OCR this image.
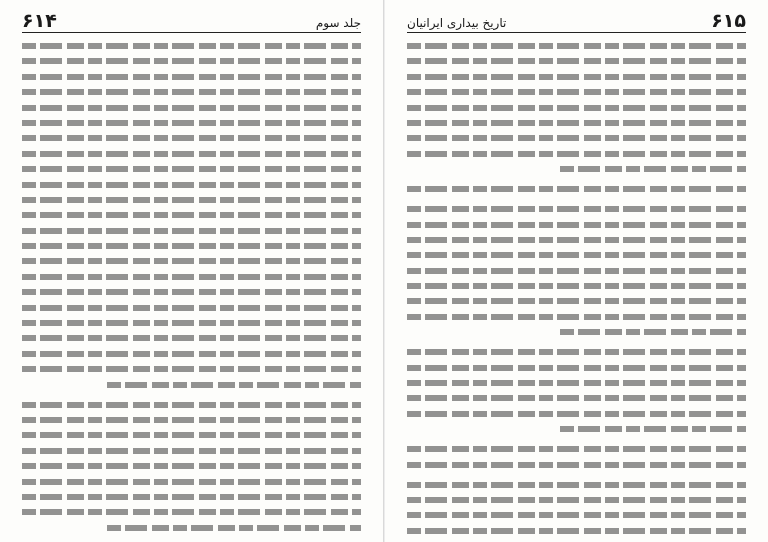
۶۱۴	جلد سوم	تاریخ بیداری ایرانیان	۶۱۵
